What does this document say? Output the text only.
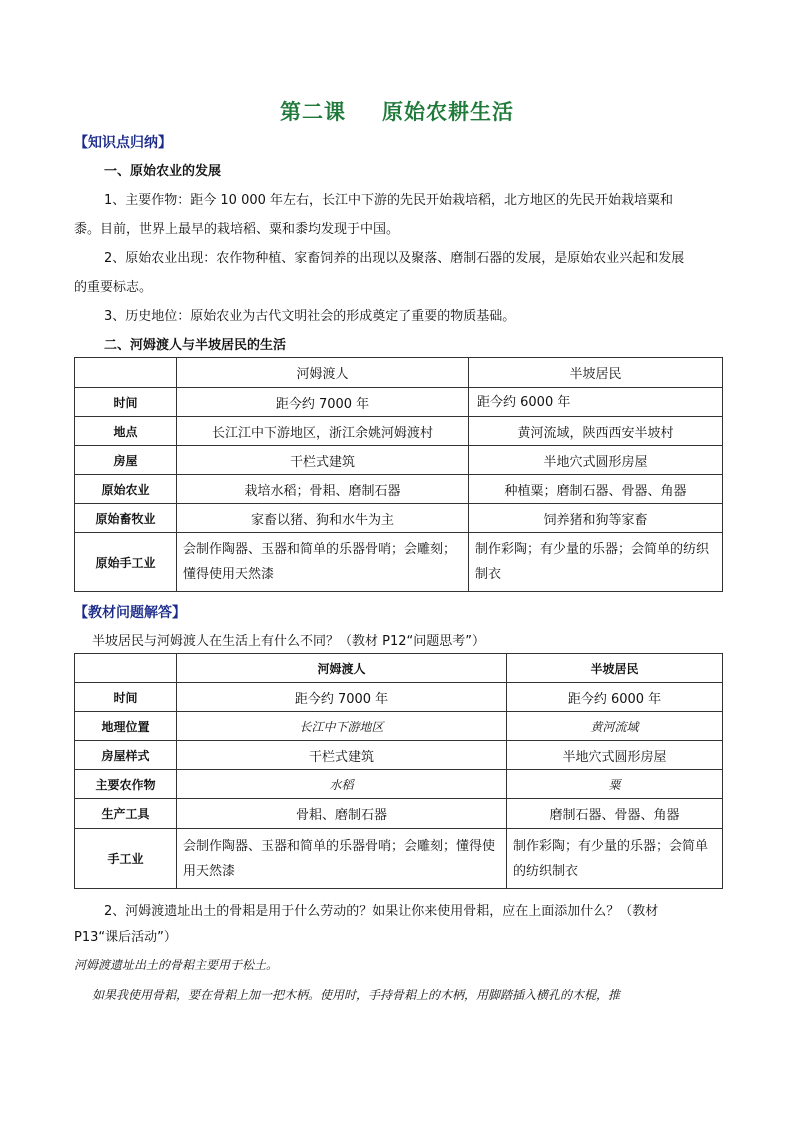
第二课 原始农耕生活
【知识点归纳】
一、原始农业的发展
1、主要作物：距今 10 000 年左右，长江中下游的先民开始栽培稻，北方地区的先民开始栽培粟和
黍。目前，世界上最早的栽培稻、粟和黍均发现于中国。
2、原始农业出现：农作物种植、家畜饲养的出现以及聚落、磨制石器的发展，是原始农业兴起和发展
的重要标志。
3、历史地位：原始农业为古代文明社会的形成奠定了重要的物质基础。
二、河姆渡人与半坡居民的生活
	河姆渡人	半坡居民
时间	距今约 7000 年	距今约 6000 年
地点	长江江中下游地区，浙江余姚河姆渡村	黄河流域，陕西西安半坡村
房屋	干栏式建筑	半地穴式圆形房屋
原始农业	栽培水稻；骨耜、磨制石器	种植粟；磨制石器、骨器、角器
原始畜牧业	家畜以猪、狗和水牛为主	饲养猪和狗等家畜
原始手工业	会制作陶器、玉器和简单的乐器骨哨；会雕刻；懂得使用天然漆	制作彩陶；有少量的乐器；会简单的纺织制衣
【教材问题解答】
半坡居民与河姆渡人在生活上有什么不同？（教材 P12“问题思考”）
	河姆渡人	半坡居民
时间	距今约 7000 年	距今约 6000 年
地理位置	长江中下游地区	黄河流域
房屋样式	干栏式建筑	半地穴式圆形房屋
主要农作物	水稻	粟
生产工具	骨耜、磨制石器	磨制石器、骨器、角器
手工业	会制作陶器、玉器和简单的乐器骨哨；会雕刻；懂得使用天然漆	制作彩陶；有少量的乐器；会简单的纺织制衣
2、河姆渡遗址出土的骨耜是用于什么劳动的？如果让你来使用骨耜，应在上面添加什么？（教材
P13“课后活动”）
河姆渡遗址出土的骨耜主要用于松土。
如果我使用骨耜，要在骨耜上加一把木柄。使用时，手持骨耜上的木柄，用脚踏插入横孔的木棍，推
